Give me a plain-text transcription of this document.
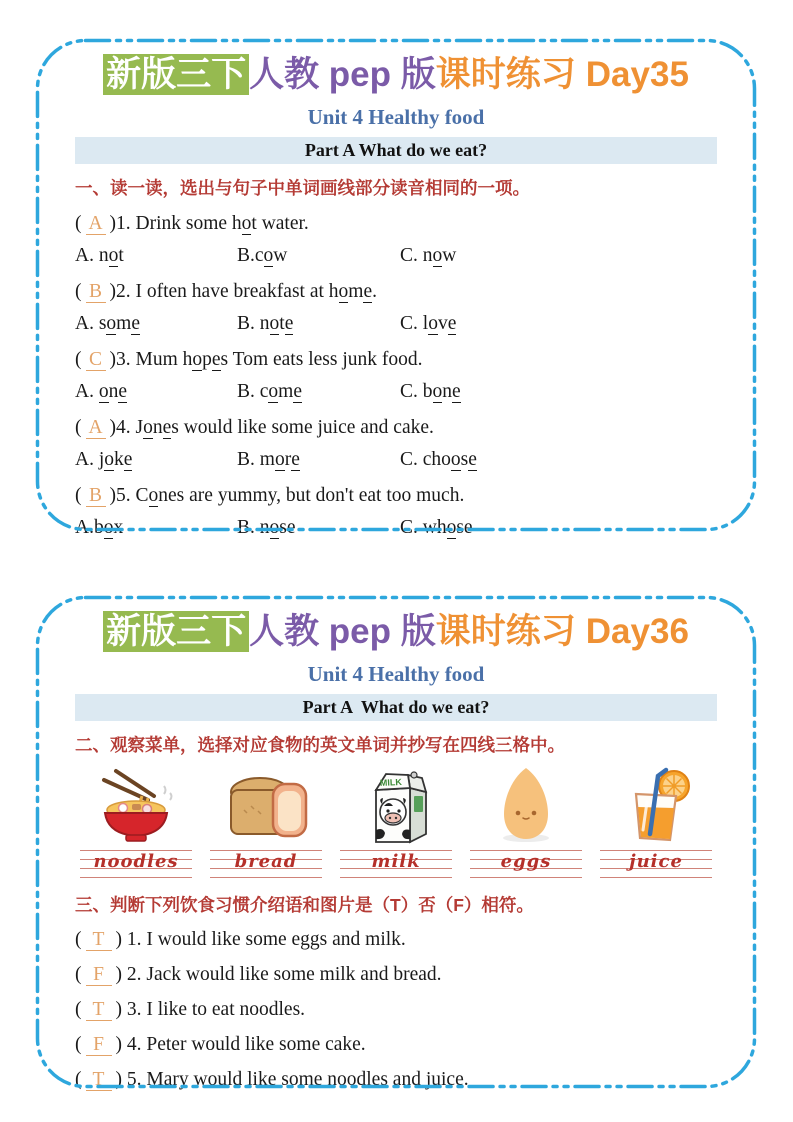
新版三下人教 pep 版课时练习 Day35
Unit 4 Healthy food
Part A What do we eat?
一、读一读，选出与句子中单词画线部分读音相同的一项。
( A )1. Drink some hot water.
A. not	B.cow	C. now
( B )2. I often have breakfast at home.
A. some	B. note	C. love
( C )3. Mum hopes Tom eats less junk food.
A. one	B. come	C. bone
( A )4. Jones would like some juice and cake.
A. joke	B. more	C. choose
( B )5. Cones are yummy, but don't eat too much.
A.box	B. nose	C. whose
新版三下人教 pep 版课时练习 Day36
Unit 4 Healthy food
Part A  What do we eat?
二、观察菜单，选择对应食物的英文单词并抄写在四线三格中。
noodles	bread
MILK
milk	eggs	juice
三、判断下列饮食习惯介绍语和图片是（T）否（F）相符。
( T ) 1. I would like some eggs and milk.
( F ) 2. Jack would like some milk and bread.
( T ) 3. I like to eat noodles.
( F ) 4. Peter would like some cake.
( T ) 5. Mary would like some noodles and juice.
